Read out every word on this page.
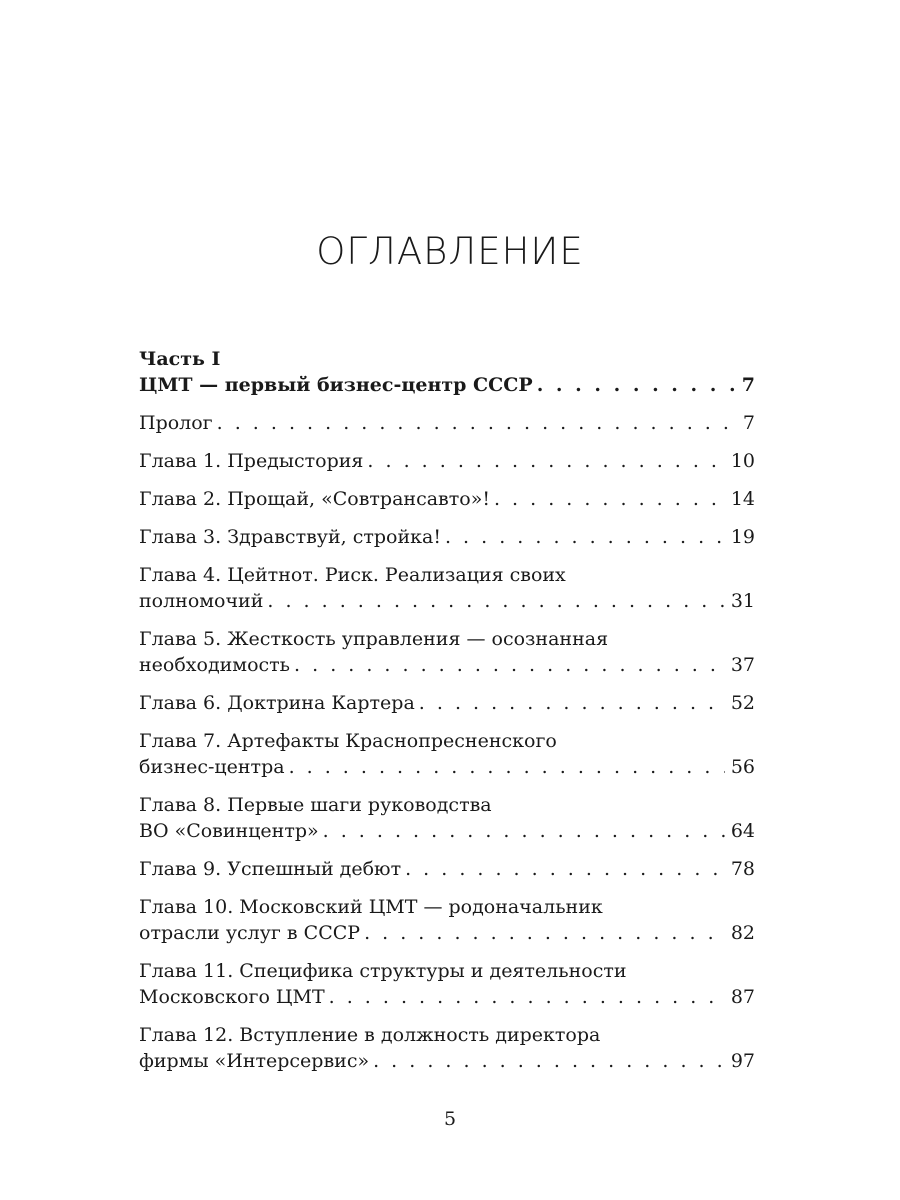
ОГЛАВЛЕНИЕ
Часть I
ЦМТ — первый бизнес-центр СССР . . .	7
Пролог . . .	7
Глава 1. Предыстория . . .	10
Глава 2. Прощай, «Совтрансавто»! . . .	14
Глава 3. Здравствуй, стройка! . . .	19
Глава 4. Цейтнот. Риск. Реализация своих
полномочий . . .	31
Глава 5. Жесткость управления — осознанная
необходимость . . .	37
Глава 6. Доктрина Картера . . .	52
Глава 7. Артефакты Краснопресненского
бизнес-центра . . .	56
Глава 8. Первые шаги руководства
ВО «Совинцентр» . . .	64
Глава 9. Успешный дебют . . .	78
Глава 10. Московский ЦМТ — родоначальник
отрасли услуг в СССР . . .	82
Глава 11. Специфика структуры и деятельности
Московского ЦМТ . . .	87
Глава 12. Вступление в должность директора
фирмы «Интерсервис» . . .	97
5
